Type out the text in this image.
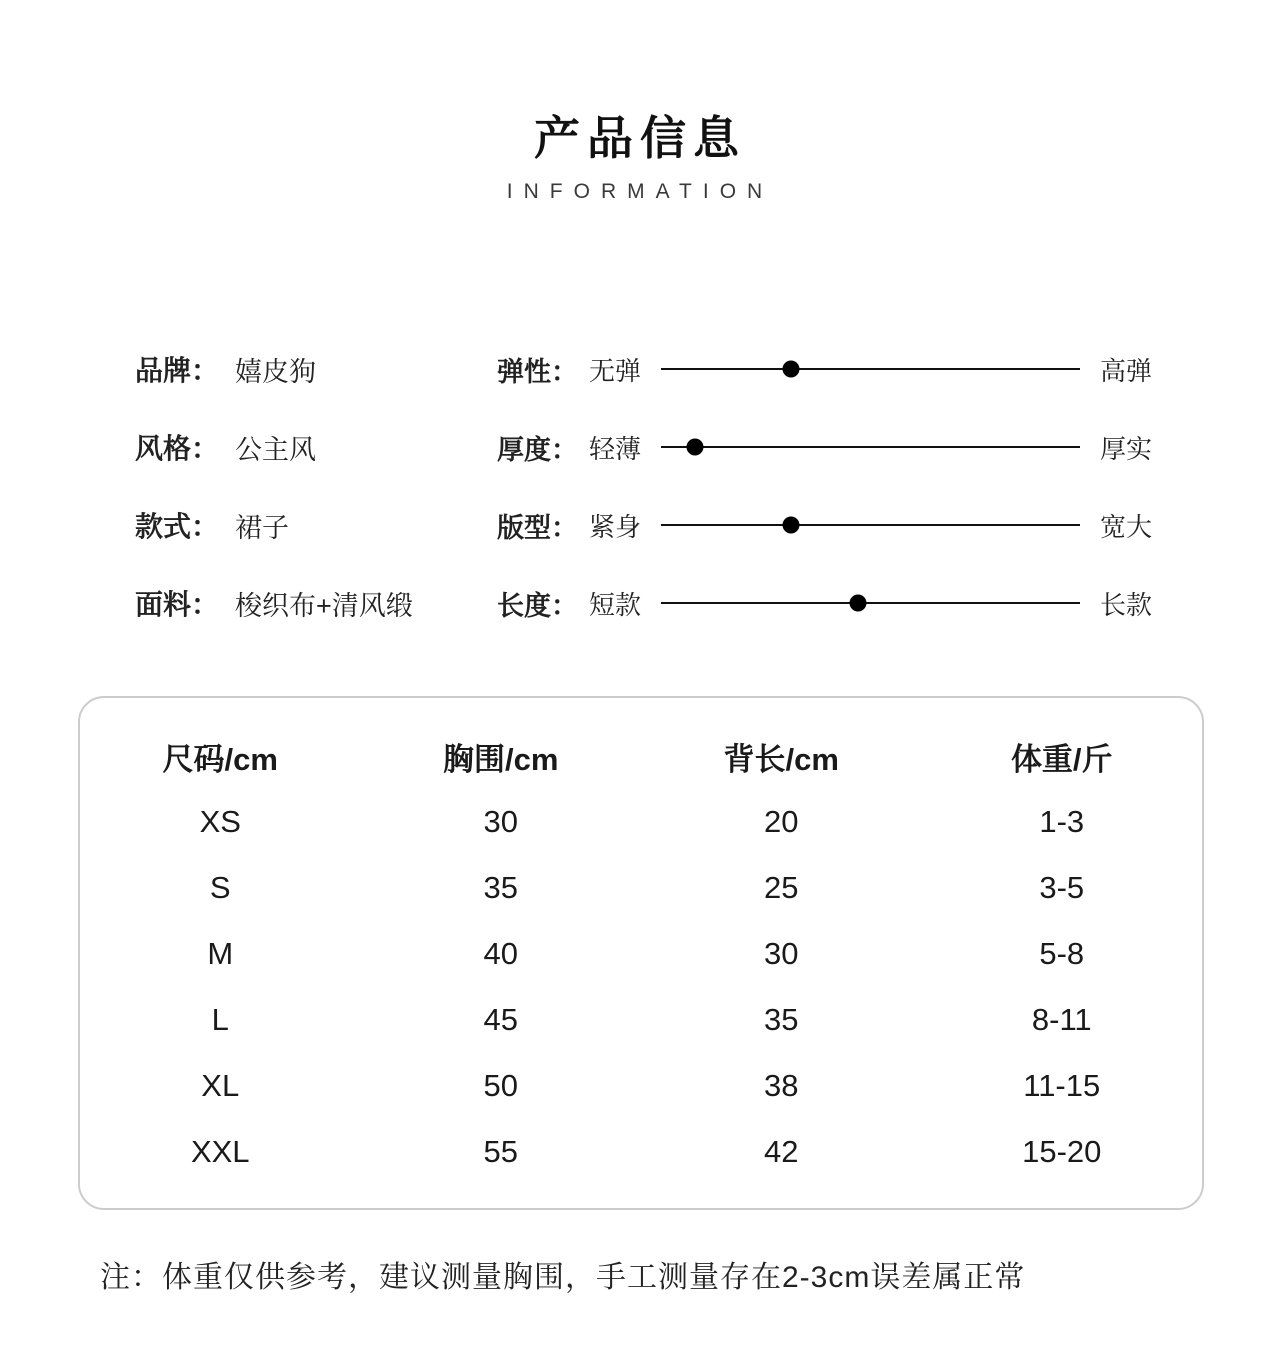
产品信息
INFORMATION
品牌： 嬉皮狗
风格： 公主风
款式： 裙子
面料： 梭织布+清风缎
弹性： 无弹	高弹
厚度： 轻薄	厚实
版型： 紧身	宽大
长度： 短款	长款
尺码/cm	胸围/cm	背长/cm	体重/斤
XS	30	20	1-3
S	35	25	3-5
M	40	30	5-8
L	45	35	8-11
XL	50	38	11-15
XXL	55	42	15-20
注：体重仅供参考，建议测量胸围，手工测量存在2-3cm误差属正常
